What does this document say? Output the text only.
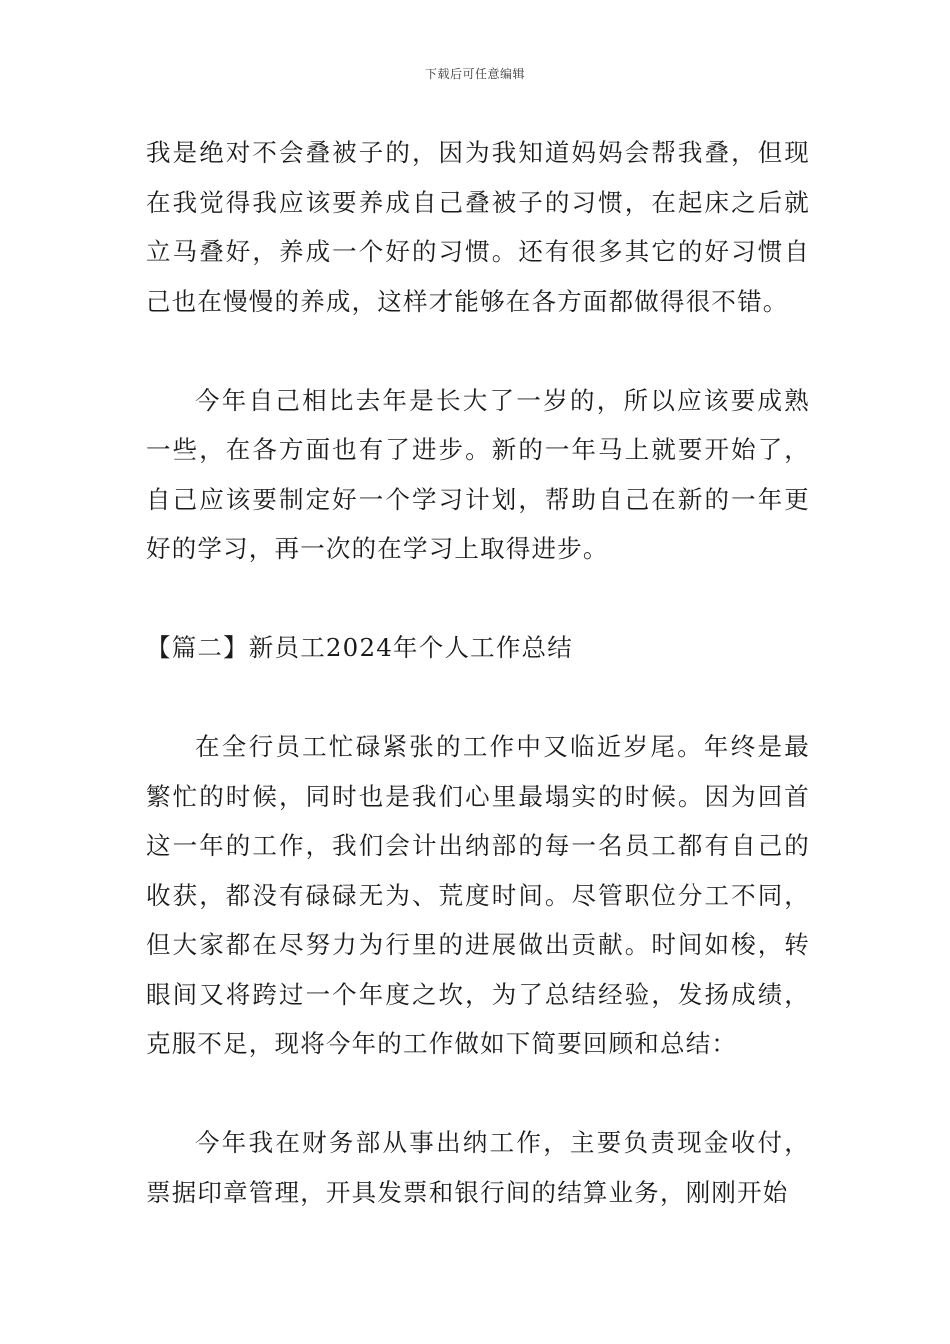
下载后可任意编辑

我是绝对不会叠被子的，因为我知道妈妈会帮我叠，但现在我觉得我应该要养成自己叠被子的习惯，在起床之后就立马叠好，养成一个好的习惯。还有很多其它的好习惯自己也在慢慢的养成，这样才能够在各方面都做得很不错。

今年自己相比去年是长大了一岁的，所以应该要成熟一些，在各方面也有了进步。新的一年马上就要开始了，自己应该要制定好一个学习计划，帮助自己在新的一年更好的学习，再一次的在学习上取得进步。

【篇二】新员工2024年个人工作总结

在全行员工忙碌紧张的工作中又临近岁尾。年终是最繁忙的时候，同时也是我们心里最塌实的时候。因为回首这一年的工作，我们会计出纳部的每一名员工都有自己的收获，都没有碌碌无为、荒度时间。尽管职位分工不同，但大家都在尽努力为行里的进展做出贡献。时间如梭，转眼间又将跨过一个年度之坎，为了总结经验，发扬成绩，克服不足，现将今年的工作做如下简要回顾和总结：

今年我在财务部从事出纳工作，主要负责现金收付，票据印章管理，开具发票和银行间的结算业务，刚刚开始
